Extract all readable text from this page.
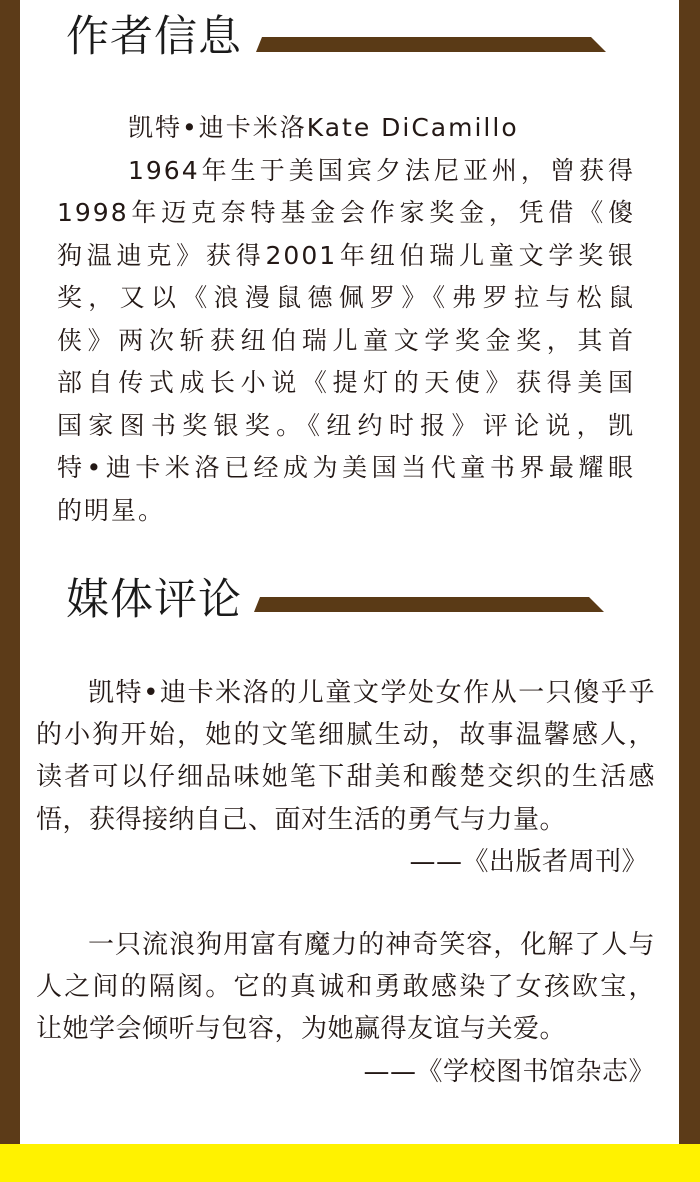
作者信息
凯特•迪卡米洛Kate DiCamillo
1964年生于美国宾夕法尼亚州，曾获得
1998年迈克奈特基金会作家奖金，凭借《傻
狗温迪克》获得2001年纽伯瑞儿童文学奖银
奖，又以《浪漫鼠德佩罗》《弗罗拉与松鼠
侠》两次斩获纽伯瑞儿童文学奖金奖，其首
部自传式成长小说《提灯的天使》获得美国
国家图书奖银奖。《纽约时报》评论说，凯
特•迪卡米洛已经成为美国当代童书界最耀眼
的明星。
媒体评论
凯特•迪卡米洛的儿童文学处女作从一只傻乎乎
的小狗开始，她的文笔细腻生动，故事温馨感人，
读者可以仔细品味她笔下甜美和酸楚交织的生活感
悟，获得接纳自己、面对生活的勇气与力量。
——《出版者周刊》
一只流浪狗用富有魔力的神奇笑容，化解了人与
人之间的隔阂。它的真诚和勇敢感染了女孩欧宝，
让她学会倾听与包容，为她赢得友谊与关爱。
——《学校图书馆杂志》
